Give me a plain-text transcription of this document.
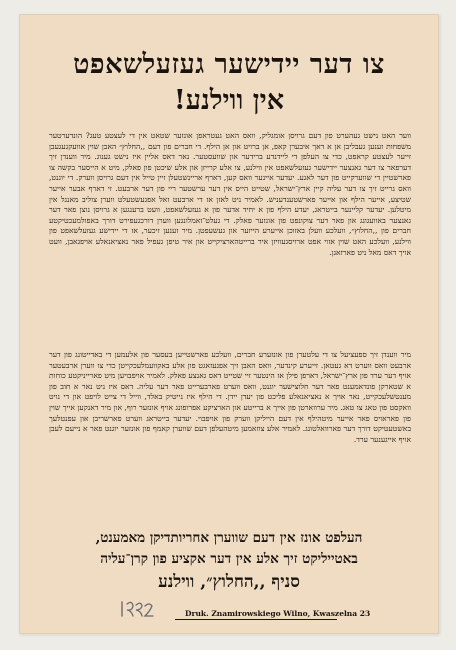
צו דער יידישער געזעלשאפט
אין ווילנע!

ווער האט נישט געהערט פון דעם גרויסן אומגליק, וואס האט געטראפן אונזער שטאט אין די לעצטע טעג? הונדערטער משפחות זענען געבליבן אן א דאך איבערן קאפ, אן ברויט און אן הילף. די חברים פון דעם ,,החלוץ״ האבן שוין אוועקגעגעבן זייער לעצטע קראפט, כדי צו העלפן די ליידנדע ברידער און שוועסטער. נאר דאס אליין איז נישט גענוג. מיר ווענדן זיך דערפאר צו דער גאנצער יידישער געזעלשאפט אין ווילנע, צו אלע קרייזן און אלע שיכטן פון פאלק, מיט א הייסער בקשה צו פארשטיין די שווערקייט פון דער לאגע. יעדער איינער וואס קען, דארף אריינשטעלן זיין טייל אין דעם גרויסן ווערק. די יוגנט, וואס גרייט זיך צו דער עליה קיין ארץ־ישראל, שטייט הייס אין דער ערשטער ריי פון דער ארבעט. זי דארף אבער אייער שטיצע, אייער הילף און אייער פארשטענדעניש. לאמיר ניט לאזן אז די ארבעט זאל אפגעשטעלט ווערן צוליב מאנגל אין מיטלען. יעדער קליינער בייטראג, יעדע הילף פון א יחיד אדער פון א געזעלשאפט, וועט ברענגען א גרויסן נוצן פאר דער גאנצער באוועגונג און פאר דער צוקונפט פון אונזער פאלק. די געלט־זאמלונגען ווערן דורכגעפירט דורך באפולמעכטיקטע חברים פון ,,החלוץ״, וועלכע וועלן באזוכן אייערע הייזער און געשעפטן. מיר זענען זיכער, אז די יידישע געזעלשאפט פון ווילנע, וועלכע האט שוין אזוי אפט ארויסגעוויזן איר ברייטהארציקייט און איר טיפן געפיל פאר נאציאנאלע אויפגאבן, וועט אויך דאס מאל ניט פארזאגן.

מיר ווענדן זיך ספעציעל צו די עלטערן פון אונזערע חברים, וועלכע פארשטייען בעסער פון אלעמען די באדייטונג פון דער ארבעט וואס ווערט דא געטאן. זייערע קינדער, וואס האבן זיך אפגעזאגט פון אלע באקוועמלעכקייטן כדי צו ווערן ארבעטער אויף דער ערד פון ארץ־ישראל, דארפן פילן אז הינטער זיי שטייט דאס גאנצע פאלק. לאמיר אויפבויען מיט פארייניקטע כוחות א שטארקן פונדאמענט פאר דער חלוצישער יוגנט, וואס ווערט פארבערייט פאר דער עליה. דאס איז ניט נאר א חוב פון מענטשלעכקייט, נאר אויך א נאציאנאלע פליכט פון יעדן יידן. די הילף איז נייטיק באלד, ווייל די צייט לויפט און די נויט וואקסט פון טאג צו טאג. מיר ערווארטן פון אייך א ברייטע און הארציקע אפרופונג אויף אונזער רוף, און מיר דאנקען אייך שוין פון פאראויס פאר אייער מיטהילף אין דעם הייליקן ווערק פון אויפבוי. יעדער בייטראג ווערט פארשריבן און עפנטלעך באשטעטיקט דורך דער פארוואלטונג. לאמיר אלע צוזאמען מיטהעלפן דעם שווערן קאמף פון אונזער יוגנט פאר א נייעם לעבן אויף אייגענער ערד.

העלפט אונז אין דעם שווערן אחריותדיקן מאמענט,
באטייליקט זיך אלע אין דער אקציע פון קרן־עליה
סניף ,,החלוץ״, ווילנע
Druk. Znamirowskiego Wilno, Kwaszelna 23
